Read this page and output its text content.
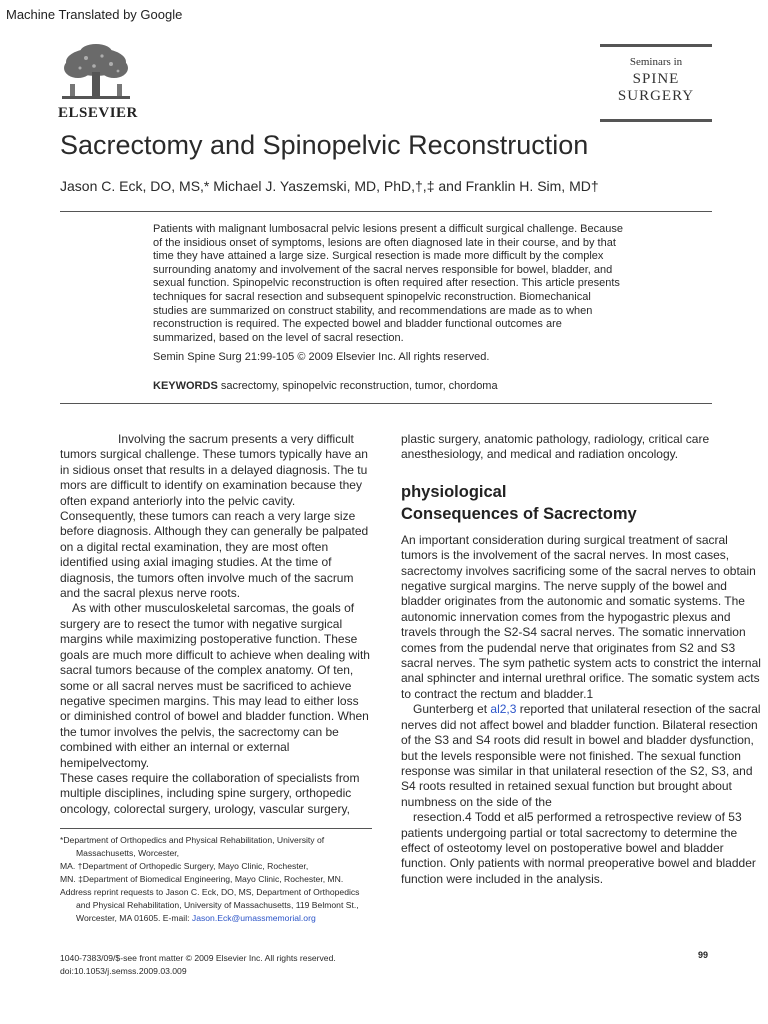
Machine Translated by Google
ELSEVIER
Seminars in
SPINE
SURGERY
Sacrectomy and Spinopelvic Reconstruction
Jason C. Eck, DO, MS,* Michael J. Yaszemski, MD, PhD,†,‡ and Franklin H. Sim, MD†
Patients with malignant lumbosacral pelvic lesions present a difficult surgical challenge. Because of the insidious onset of symptoms, lesions are often diagnosed late in their course, and by that time they have attained a large size. Surgical resection is made more difficult by the complex surrounding anatomy and involvement of the sacral nerves responsible for bowel, bladder, and sexual function. Spinopelvic reconstruction is often required after resection. This article presents techniques for sacral resection and subsequent spinopelvic reconstruction. Biomechanical studies are summarized on construct stability, and recommendations are made as to when reconstruction is required. The expected bowel and bladder functional outcomes are summarized, based on the level of sacral resection.
Semin Spine Surg 21:99-105 © 2009 Elsevier Inc. All rights reserved.
KEYWORDS sacrectomy, spinopelvic reconstruction, tumor, chordoma

Involving the sacrum presents a very difficult tumors surgical challenge. These tumors typically have an in sidious onset that results in a delayed diagnosis. The tu mors are difficult to identify on examination because they often expand anteriorly into the pelvic cavity. Consequently, these tumors can reach a very large size before diagnosis. Although they can generally be palpated on a digital rectal examination, they are most often identified using axial imaging studies. At the time of diagnosis, the tumors often involve much of the sacrum and the sacral plexus nerve roots.

As with other musculoskeletal sarcomas, the goals of surgery are to resect the tumor with negative surgical margins while maximizing postoperative function. These goals are much more difficult to achieve when dealing with sacral tumors because of the complex anatomy. Of ten, some or all sacral nerves must be sacrificed to achieve negative specimen margins. This may lead to either loss or diminished control of bowel and bladder function. When the tumor involves the pelvis, the sacrectomy can be combined with either an internal or external hemipelvectomy.

These cases require the collaboration of specialists from multiple disciplines, including spine surgery, orthopedic oncology, colorectal surgery, urology, vascular surgery,

plastic surgery, anatomic pathology, radiology, critical care anesthesiology, and medical and radiation oncology.

physiological
Consequences of Sacrectomy

An important consideration during surgical treatment of sacral tumors is the involvement of the sacral nerves. In most cases, sacrectomy involves sacrificing some of the sacral nerves to obtain negative surgical margins. The nerve supply of the bowel and bladder originates from the autonomic and somatic systems. The autonomic innervation comes from the hypogastric plexus and travels through the S2-S4 sacral nerves. The somatic innervation comes from the pudendal nerve that originates from S2 and S3 sacral nerves. The sym pathetic system acts to constrict the internal anal sphincter and internal urethral orifice. The somatic system acts to contract the rectum and bladder.1

Gunterberg et al2,3 reported that unilateral resection of the sacral nerves did not affect bowel and bladder function. Bilateral resection of the S3 and S4 roots did result in bowel and bladder dysfunction, but the levels responsible were not finished. The sexual function response was similar in that unilateral resection of the S2, S3, and S4 roots resulted in retained sexual function but brought about numbness on the side of the

resection.4 Todd et al5 performed a retrospective review of 53 patients undergoing partial or total sacrectomy to determine the effect of osteotomy level on postoperative bowel and bladder function. Only patients with normal preoperative bowel and bladder function were included in the analysis.

*Department of Orthopedics and Physical Rehabilitation, University of Massachusetts, Worcester,

MA. †Department of Orthopedic Surgery, Mayo Clinic, Rochester,

MN. ‡Department of Biomedical Engineering, Mayo Clinic, Rochester, MN.

Address reprint requests to Jason C. Eck, DO, MS, Department of Orthopedics and Physical Rehabilitation, University of Massachusetts, 119 Belmont St., Worcester, MA 01605. E-mail: Jason.Eck@umassmemorial.org

1040-7383/09/$-see front matter © 2009 Elsevier Inc. All rights reserved.
doi:10.1053/j.semss.2009.03.009
99
